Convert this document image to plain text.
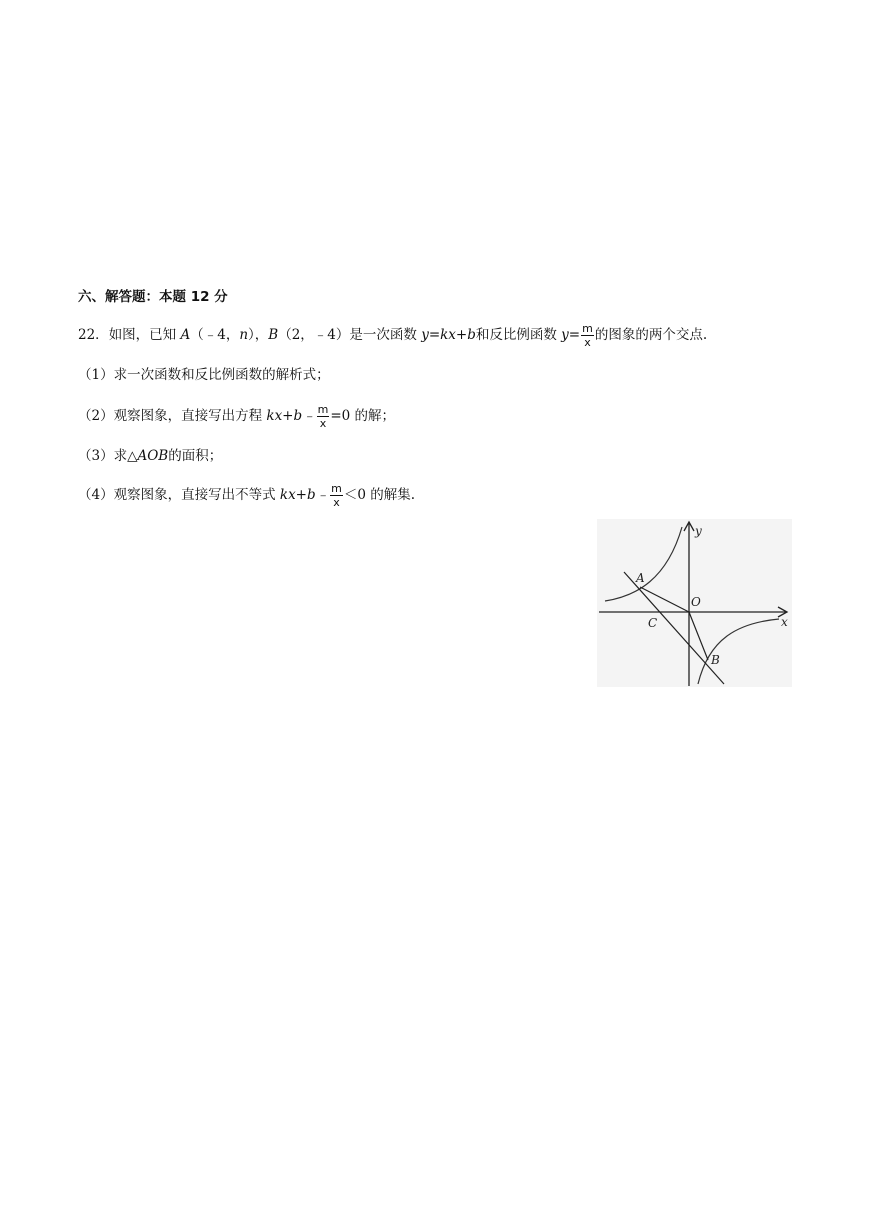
六、解答题：本题 12 分
22．如图，已知 A（﹣4，n），B（2，﹣4）是一次函数 y=kx+b和反比例函数 $y= \frac{m}{x}$ 的图象的两个交点.
（1）求一次函数和反比例函数的解析式；
（2）观察图象，直接写出方程 kx+b﹣ $\frac{m}{x} =0$ 的解；
（3）求△AOB的面积；
（4）观察图象，直接写出不等式 kx+b﹣ $\frac{m}{x} <0$ 的解集.
y
x
A
O
C
B
